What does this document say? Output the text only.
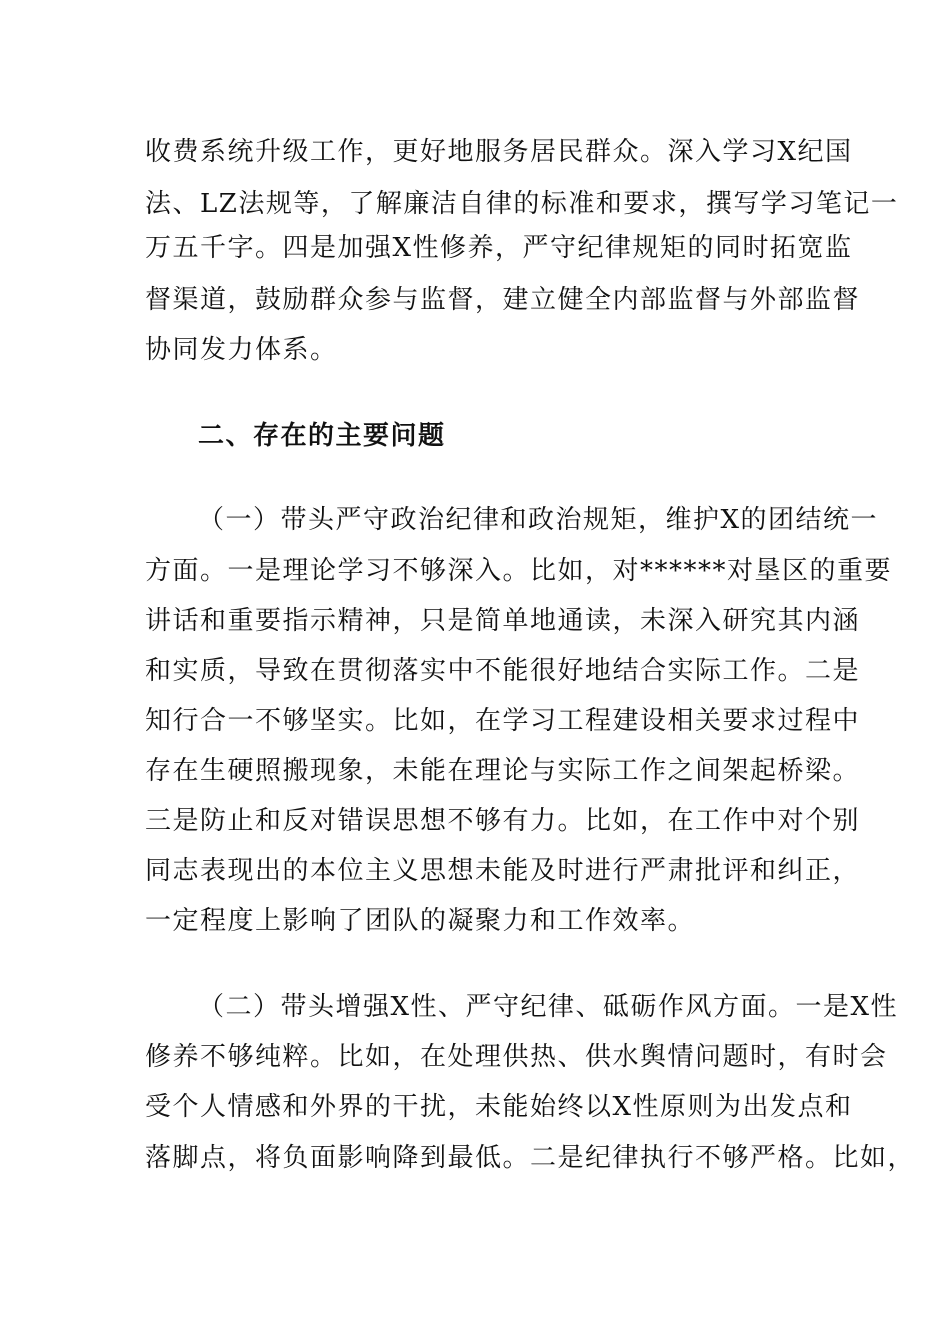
收费系统升级工作，更好地服务居民群众。深入学习X纪国

法、LZ法规等，了解廉洁自律的标准和要求，撰写学习笔记一

万五千字。四是加强X性修养，严守纪律规矩的同时拓宽监

督渠道，鼓励群众参与监督，建立健全内部监督与外部监督

协同发力体系。

二、存在的主要问题

（一）带头严守政治纪律和政治规矩，维护X的团结统一

方面。一是理论学习不够深入。比如，对******对垦区的重要

讲话和重要指示精神，只是简单地通读，未深入研究其内涵

和实质，导致在贯彻落实中不能很好地结合实际工作。二是

知行合一不够坚实。比如，在学习工程建设相关要求过程中

存在生硬照搬现象，未能在理论与实际工作之间架起桥梁。

三是防止和反对错误思想不够有力。比如，在工作中对个别

同志表现出的本位主义思想未能及时进行严肃批评和纠正，

一定程度上影响了团队的凝聚力和工作效率。

（二）带头增强X性、严守纪律、砥砺作风方面。一是X性

修养不够纯粹。比如，在处理供热、供水舆情问题时，有时会

受个人情感和外界的干扰，未能始终以X性原则为出发点和

落脚点，将负面影响降到最低。二是纪律执行不够严格。比如，
